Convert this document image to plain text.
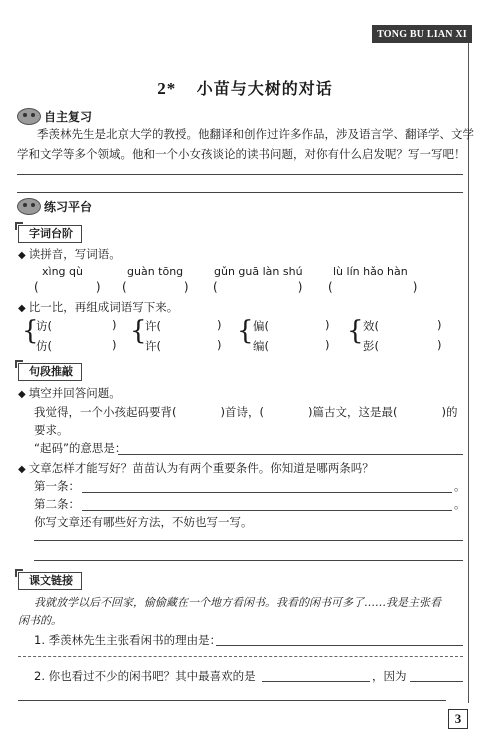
TONG BU LIAN XI
2* 小苗与大树的对话
自主复习
季羡林先生是北京大学的教授。他翻译和创作过许多作品，涉及语言学、翻译学、文学
学和文学等多个领域。他和一个小女孩谈论的读书问题，对你有什么启发呢？写一写吧！
练习平台
字词台阶
◆ 读拼音，写词语。
xìng qù	guàn tōng	gǔn guā làn shú	lù lín hǎo hàn
(               ) (               ) (                     ) (                     )
◆ 比一比，再组成词语写下来。
{	{	{	{
访(	) 许(	)	偏(	)	效(	)
仿(	) 许(	)	编(	)	彭(	)
句段推敲
◆ 填空并回答问题。
我觉得，一个小孩起码要背(	)首诗，(	)篇古文，这是最(	)的
要求。
“起码”的意思是：
◆ 文章怎样才能写好？苗苗认为有两个重要条件。你知道是哪两条吗？
第一条：	。
第二条：	。
你写文章还有哪些好方法，不妨也写一写。
课文链接
我就放学以后不回家，偷偷藏在一个地方看闲书。我看的闲书可多了……我是主张看
闲书的。
1. 季羡林先生主张看闲书的理由是：
2. 你也看过不少的闲书吧？其中最喜欢的是	，因为
3
